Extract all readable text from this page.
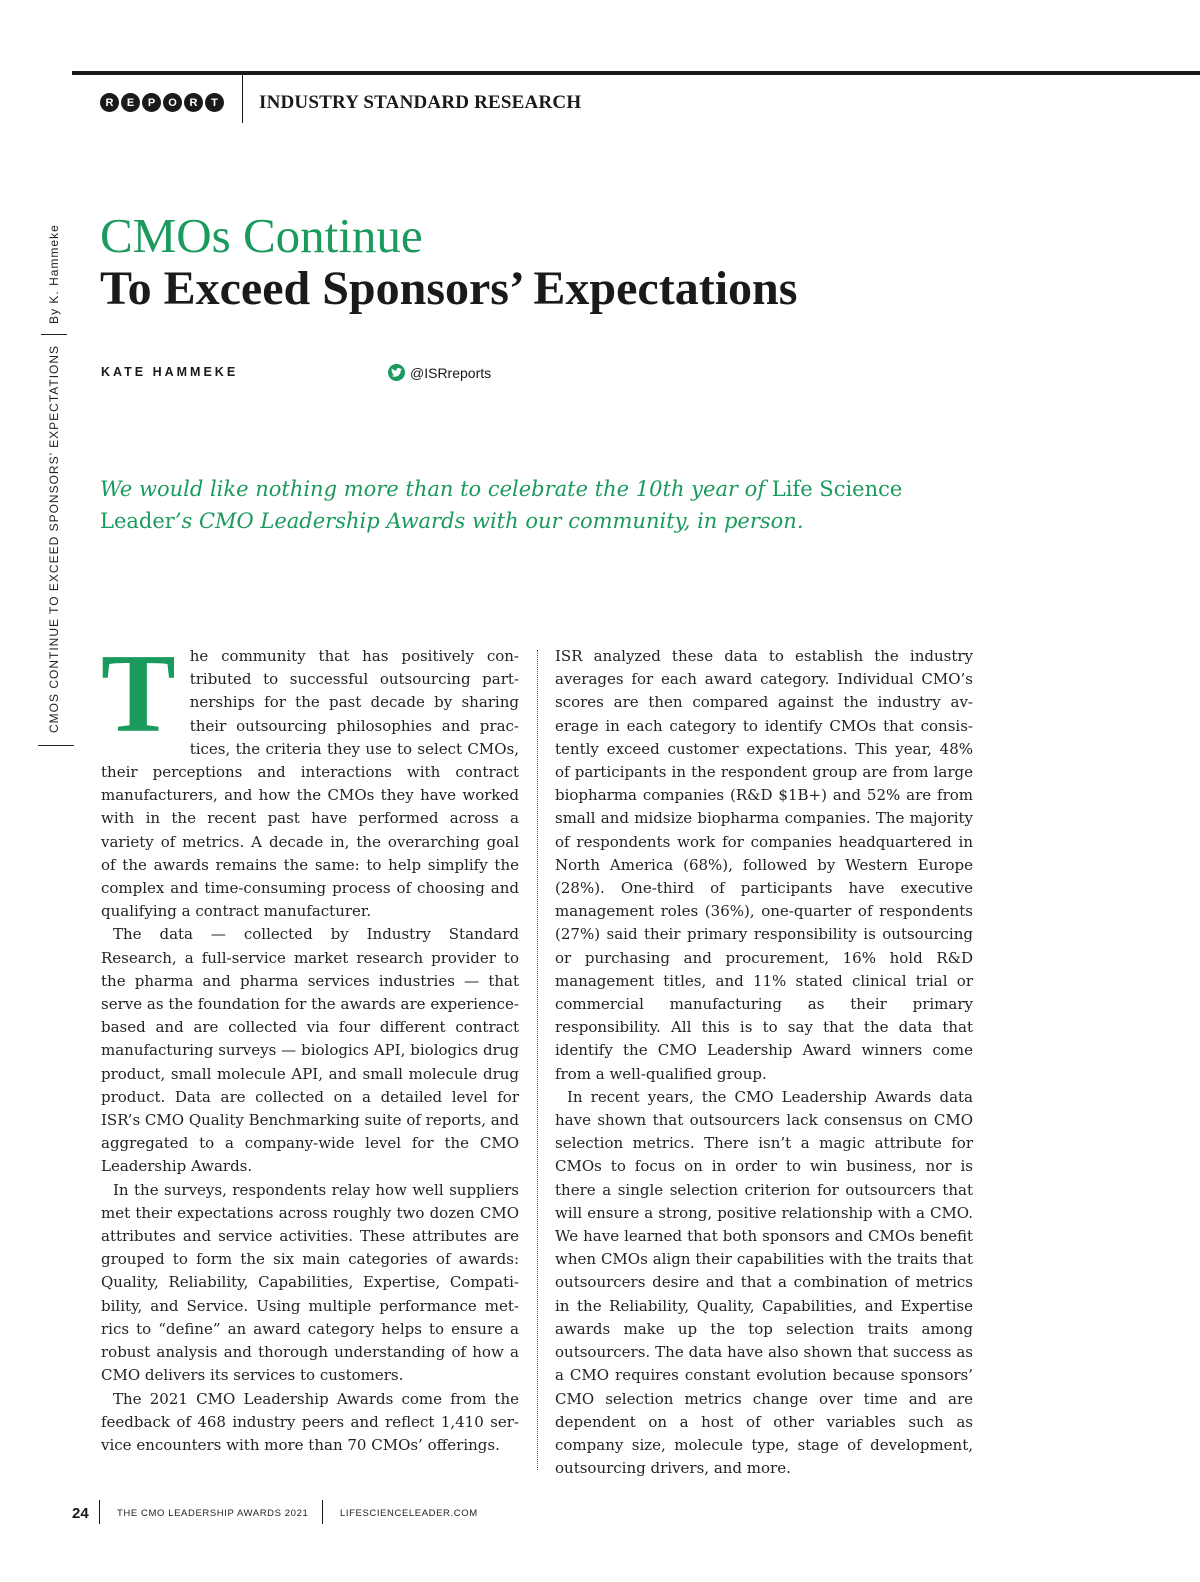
R	E	P	O	R	T	INDUSTRY STANDARD RESEARCH
CMOS CONTINUE TO EXCEED SPONSORS’ EXPECTATIONS
By K. Hammeke CMOs Continue
To Exceed Sponsors’ Expectations
KATE HAMMEKE	@ISRreports
We would like nothing more than to celebrate the 10th year of Life Science Leader’s CMO Leadership Awards with our community, in person.

The community that has positively contributed to successful outsourcing partnerships for the past decade by sharing their outsourcing philosophies and practices, the criteria they use to select CMOs, their perceptions and interactions with contract manufacturers, and how the CMOs they have worked with in the recent past have performed across a variety of metrics. A decade in, the overarching goal of the awards remains the same: to help simplify the complex and time-consuming process of choosing and qualifying a contract manufacturer.

The data — collected by Industry Standard Research, a full-service market research provider to the pharma and pharma services industries — that serve as the foundation for the awards are experience-based and are collected via four different contract manufacturing surveys — biologics API, biologics drug product, small molecule API, and small molecule drug product. Data are collected on a detailed level for ISR’s CMO Quality Benchmarking suite of reports, and aggregated to a company-wide level for the CMO Leadership Awards.

In the surveys, respondents relay how well suppliers met their expectations across roughly two dozen CMO attributes and service activities. These attributes are grouped to form the six main categories of awards: Quality, Reliability, Capabilities, Expertise, Compatibility, and Service. Using multiple performance metrics to “define” an award category helps to ensure a robust analysis and thorough understanding of how a CMO delivers its services to customers.

The 2021 CMO Leadership Awards come from the feedback of 468 industry peers and reflect 1,410 service encounters with more than 70 CMOs’ offerings.

ISR analyzed these data to establish the industry averages for each award category. Individual CMO’s scores are then compared against the industry average in each category to identify CMOs that consistently exceed customer expectations. This year, 48% of participants in the respondent group are from large biopharma companies (R&D $1B+) and 52% are from small and midsize biopharma companies. The majority of respondents work for companies headquartered in North America (68%), followed by Western Europe (28%). One-third of participants have executive management roles (36%), one-quarter of respondents (27%) said their primary responsibility is outsourcing or purchasing and procurement, 16% hold R&D management titles, and 11% stated clinical trial or commercial manufacturing as their primary responsibility. All this is to say that the data that identify the CMO Leadership Award winners come from a well-qualified group.

In recent years, the CMO Leadership Awards data have shown that outsourcers lack consensus on CMO selection metrics. There isn’t a magic attribute for CMOs to focus on in order to win business, nor is there a single selection criterion for outsourcers that will ensure a strong, positive relationship with a CMO. We have learned that both sponsors and CMOs benefit when CMOs align their capabilities with the traits that outsourcers desire and that a combination of metrics in the Reliability, Quality, Capabilities, and Expertise awards make up the top selection traits among outsourcers. The data have also shown that success as a CMO requires constant evolution because sponsors’ CMO selection metrics change over time and are dependent on a host of other variables such as company size, molecule type, stage of development, outsourcing drivers, and more.

24	THE CMO LEADERSHIP AWARDS 2021	LIFESCIENCELEADER.COM
